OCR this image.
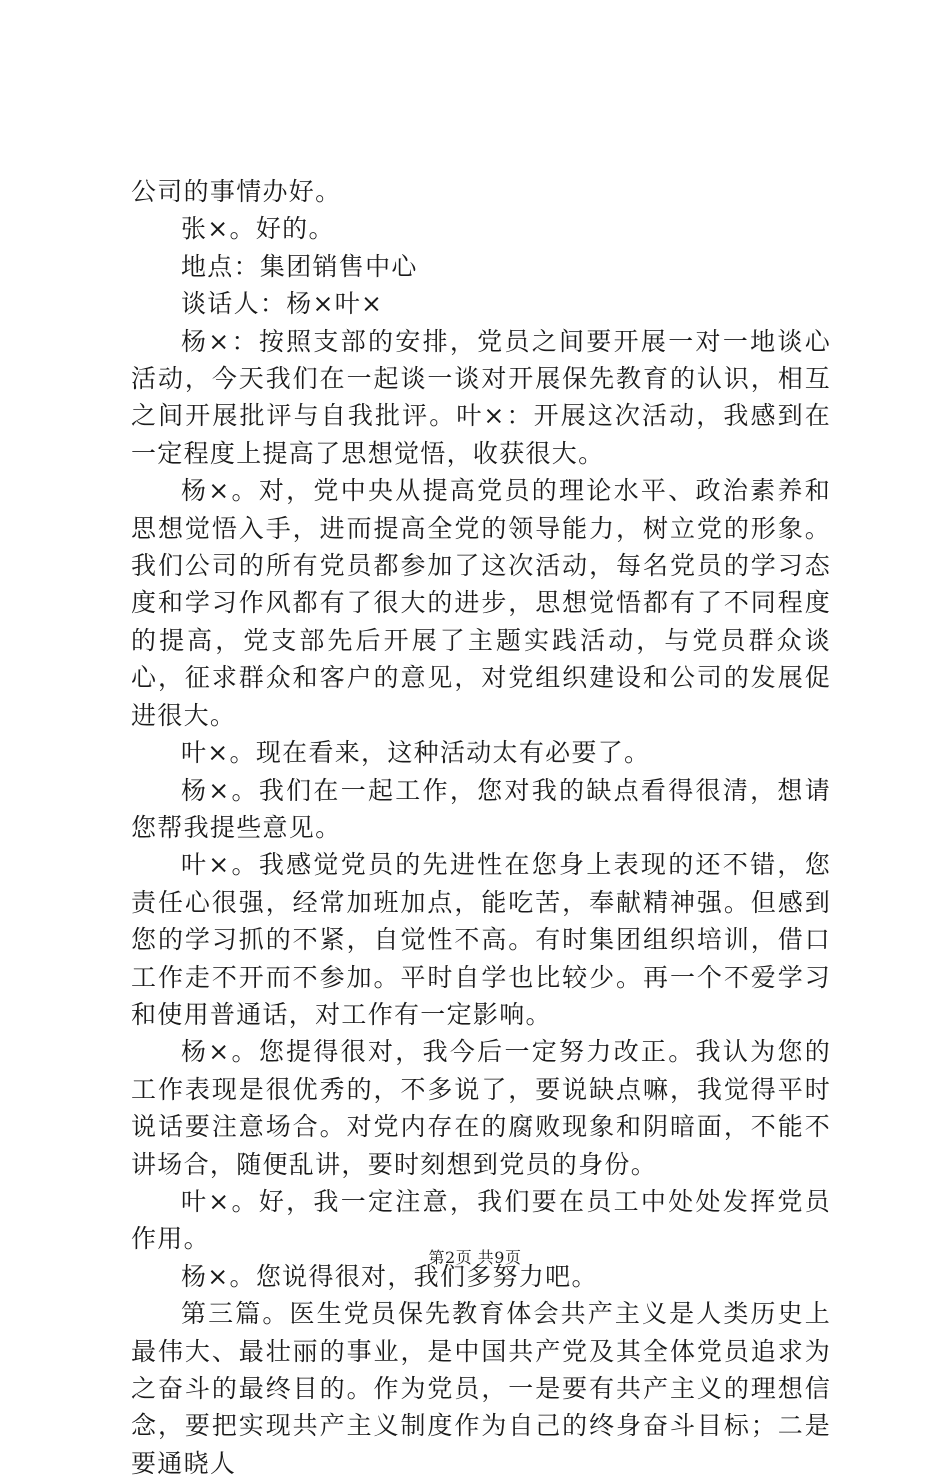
公司的事情办好。

张×。好的。

地点：集团销售中心

谈话人：杨×叶×

杨×：按照支部的安排，党员之间要开展一对一地谈心活动，今天我们在一起谈一谈对开展保先教育的认识，相互之间开展批评与自我批评。叶×：开展这次活动，我感到在一定程度上提高了思想觉悟，收获很大。

杨×。对，党中央从提高党员的理论水平、政治素养和思想觉悟入手，进而提高全党的领导能力，树立党的形象。我们公司的所有党员都参加了这次活动，每名党员的学习态度和学习作风都有了很大的进步，思想觉悟都有了不同程度的提高，党支部先后开展了主题实践活动，与党员群众谈心，征求群众和客户的意见，对党组织建设和公司的发展促进很大。

叶×。现在看来，这种活动太有必要了。

杨×。我们在一起工作，您对我的缺点看得很清，想请您帮我提些意见。

叶×。我感觉党员的先进性在您身上表现的还不错，您责任心很强，经常加班加点，能吃苦，奉献精神强。但感到您的学习抓的不紧，自觉性不高。有时集团组织培训，借口工作走不开而不参加。平时自学也比较少。再一个不爱学习和使用普通话，对工作有一定影响。

杨×。您提得很对，我今后一定努力改正。我认为您的工作表现是很优秀的，不多说了，要说缺点嘛，我觉得平时说话要注意场合。对党内存在的腐败现象和阴暗面，不能不讲场合，随便乱讲，要时刻想到党员的身份。

叶×。好，我一定注意，我们要在员工中处处发挥党员作用。

杨×。您说得很对，我们多努力吧。

第三篇。医生党员保先教育体会共产主义是人类历史上最伟大、最壮丽的事业，是中国共产党及其全体党员追求为之奋斗的最终目的。作为党员，一是要有共产主义的理想信念，要把实现共产主义制度作为自己的终身奋斗目标；二是要通晓人

第2页 共9页
